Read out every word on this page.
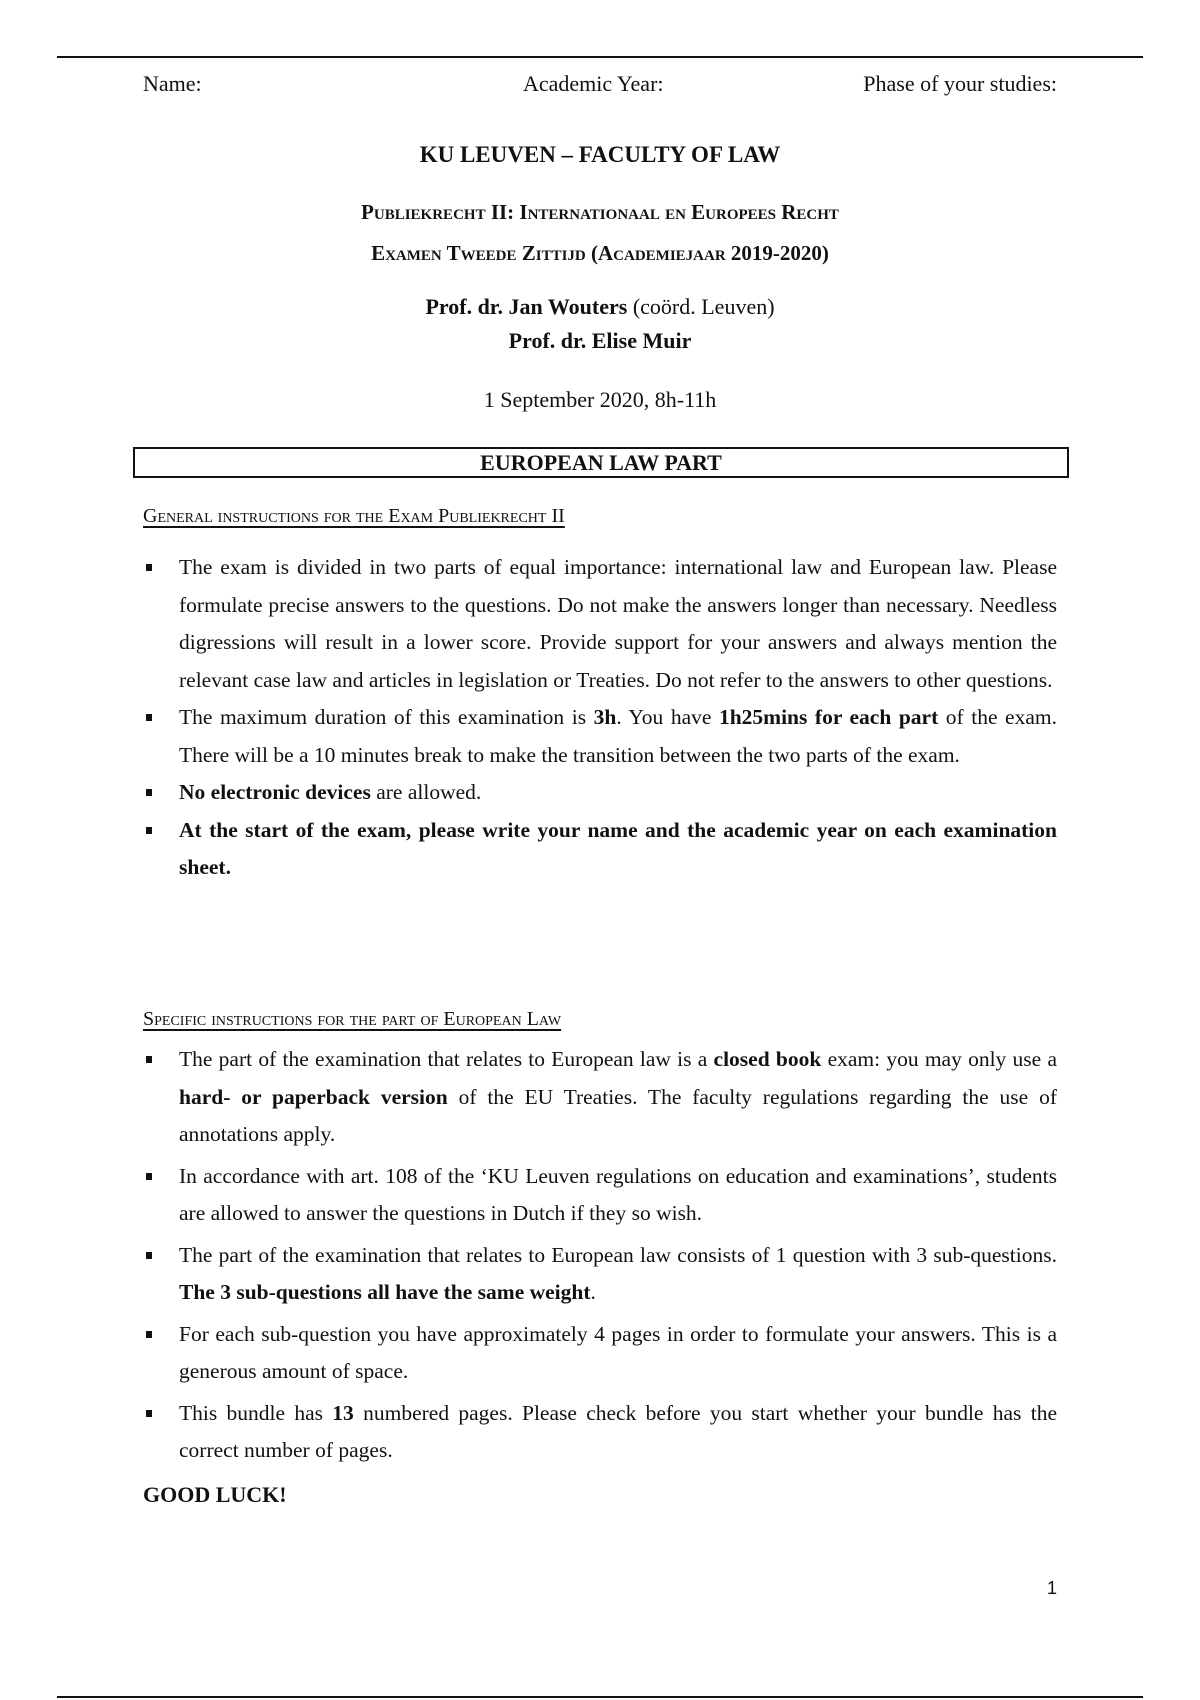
Name:	Academic Year:	Phase of your studies:
KU LEUVEN – FACULTY OF LAW
Publiekrecht II: Internationaal en Europees Recht
Examen Tweede Zittijd (Academiejaar 2019-2020)
Prof. dr. Jan Wouters (coörd. Leuven)
Prof. dr. Elise Muir
1 September 2020, 8h-11h
EUROPEAN LAW PART
General instructions for the Exam Publiekrecht II
The exam is divided in two parts of equal importance: international law and European law. Please formulate precise answers to the questions. Do not make the answers longer than necessary. Needless digressions will result in a lower score. Provide support for your answers and always mention the relevant case law and articles in legislation or Treaties. Do not refer to the answers to other questions.
The maximum duration of this examination is 3h. You have 1h25mins for each part of the exam. There will be a 10 minutes break to make the transition between the two parts of the exam.
No electronic devices are allowed.
At the start of the exam, please write your name and the academic year on each examination sheet.
Specific instructions for the part of European Law
The part of the examination that relates to European law is a closed book exam: you may only use a hard- or paperback version of the EU Treaties. The faculty regulations regarding the use of annotations apply.
In accordance with art. 108 of the ‘KU Leuven regulations on education and examinations’, students are allowed to answer the questions in Dutch if they so wish.
The part of the examination that relates to European law consists of 1 question with 3 sub-questions. The 3 sub-questions all have the same weight.
For each sub-question you have approximately 4 pages in order to formulate your answers. This is a generous amount of space.
This bundle has 13 numbered pages. Please check before you start whether your bundle has the correct number of pages.
GOOD LUCK!
1
